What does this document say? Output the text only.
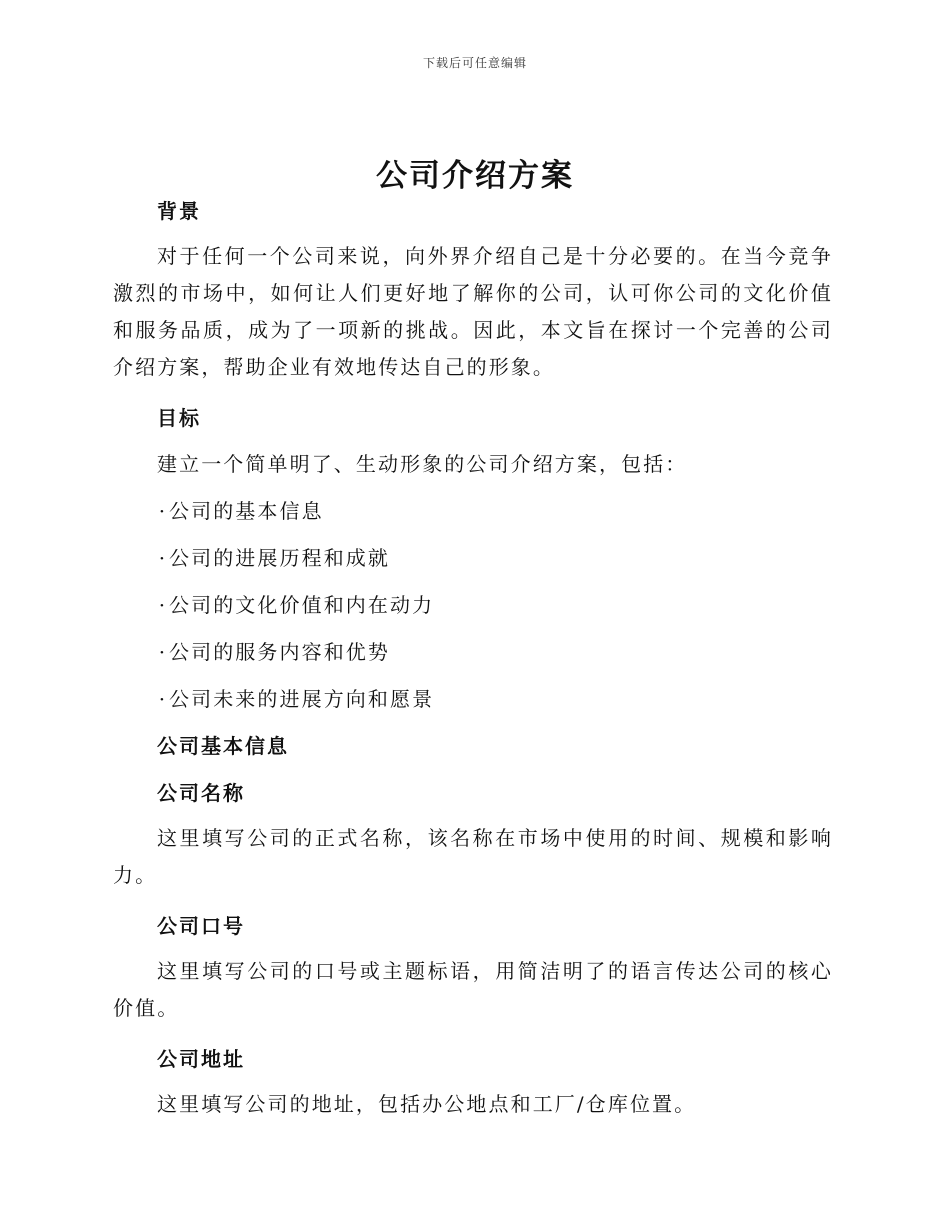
下载后可任意编辑
公司介绍方案
背景

对于任何一个公司来说，向外界介绍自己是十分必要的。在当今竞争激烈的市场中，如何让人们更好地了解你的公司，认可你公司的文化价值和服务品质，成为了一项新的挑战。因此，本文旨在探讨一个完善的公司介绍方案，帮助企业有效地传达自己的形象。

目标

建立一个简单明了、生动形象的公司介绍方案，包括：

·公司的基本信息

·公司的进展历程和成就

·公司的文化价值和内在动力

·公司的服务内容和优势

·公司未来的进展方向和愿景

公司基本信息
公司名称

这里填写公司的正式名称，该名称在市场中使用的时间、规模和影响力。

公司口号

这里填写公司的口号或主题标语，用简洁明了的语言传达公司的核心价值。

公司地址

这里填写公司的地址，包括办公地点和工厂/仓库位置。
